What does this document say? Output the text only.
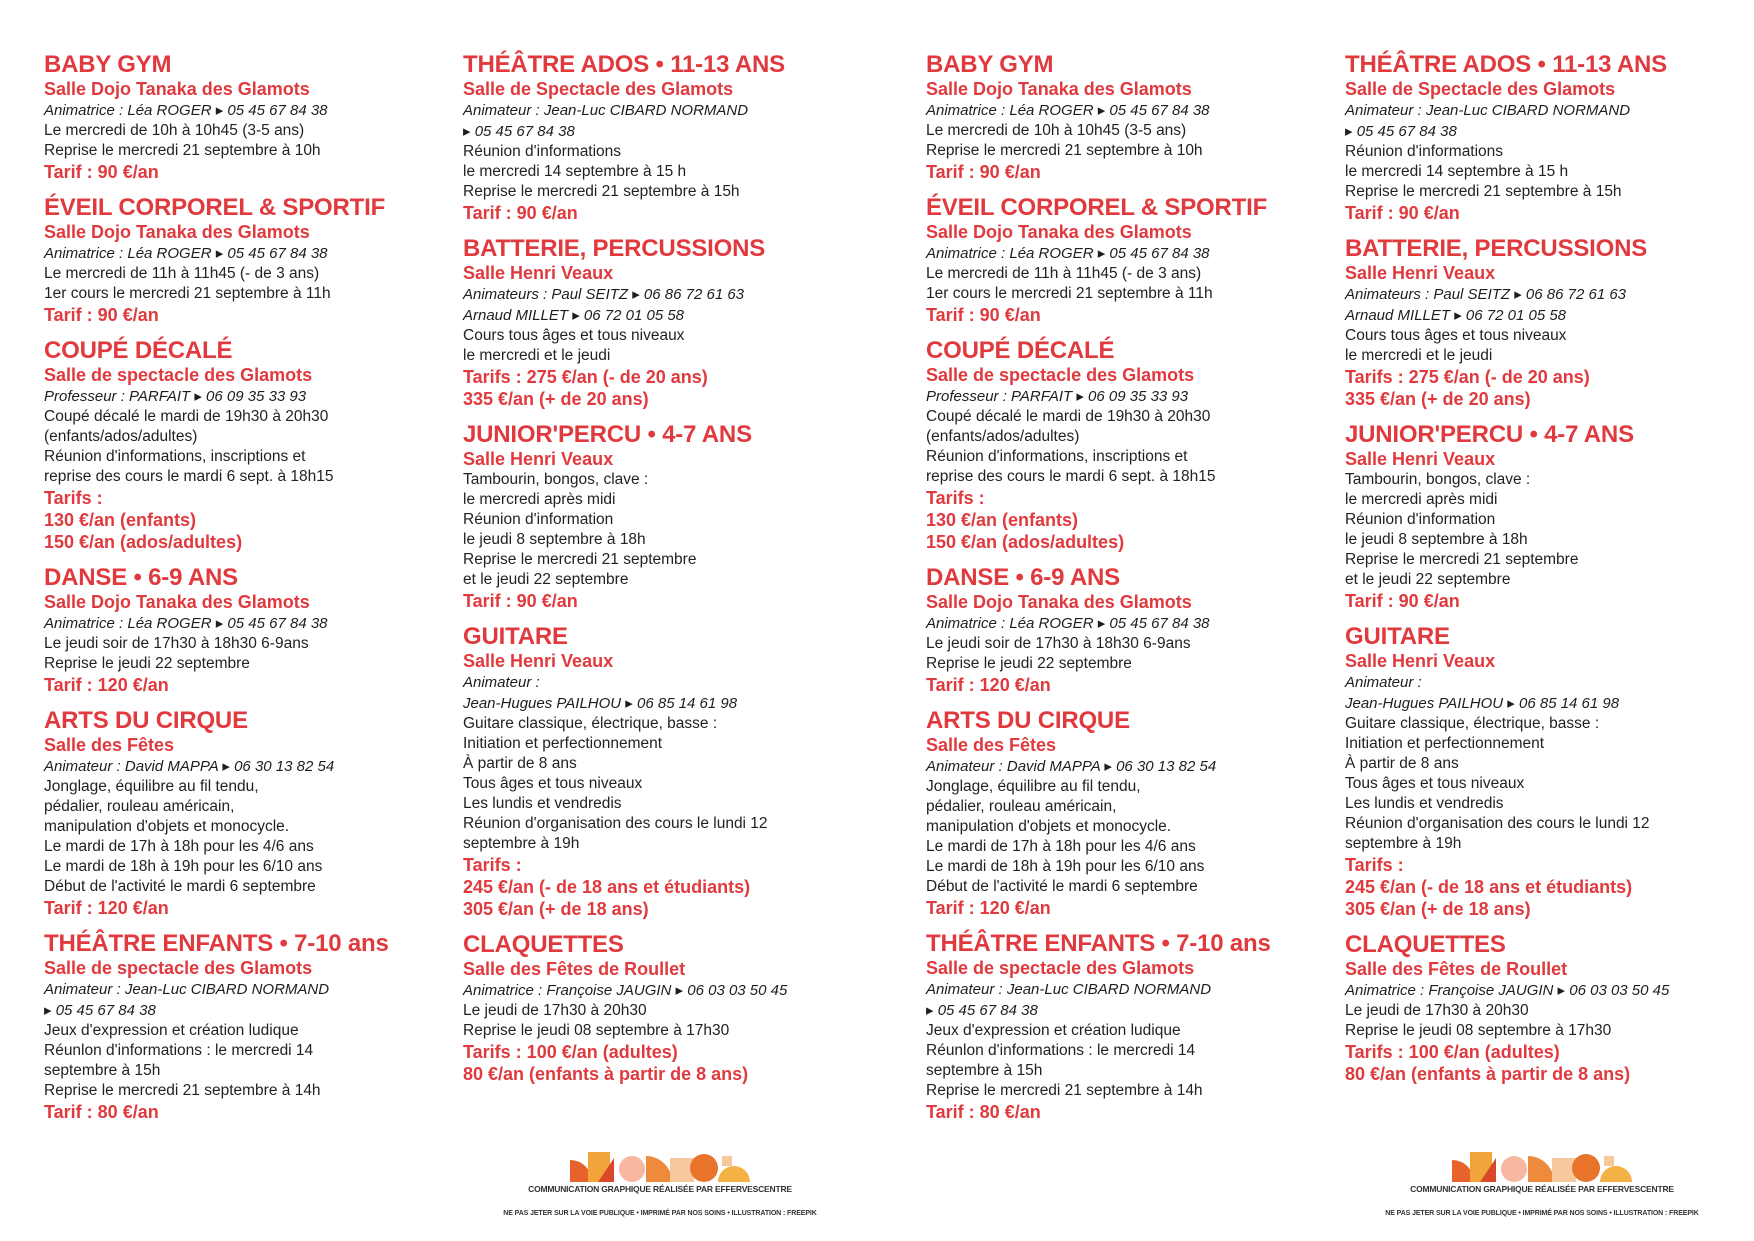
BABY GYM
Salle Dojo Tanaka des Glamots
Animatrice : Léa ROGER ▸ 05 45 67 84 38
Le mercredi de 10h à 10h45 (3-5 ans)
Reprise le mercredi 21 septembre à 10h
Tarif : 90 €/an
ÉVEIL CORPOREL & SPORTIF
Salle Dojo Tanaka des Glamots
Animatrice : Léa ROGER ▸ 05 45 67 84 38
Le mercredi de 11h à 11h45 (- de 3 ans)
1er cours le mercredi 21 septembre à 11h
Tarif : 90 €/an
COUPÉ DÉCALÉ
Salle de spectacle des Glamots
Professeur : PARFAIT ▸ 06 09 35 33 93
Coupé décalé le mardi de 19h30 à 20h30
(enfants/ados/adultes)
Réunion d'informations, inscriptions et
reprise des cours le mardi 6 sept. à 18h15
Tarifs :
130 €/an (enfants)
150 €/an (ados/adultes)
DANSE • 6-9 ANS
Salle Dojo Tanaka des Glamots
Animatrice : Léa ROGER ▸ 05 45 67 84 38
Le jeudi soir de 17h30 à 18h30 6-9ans
Reprise le jeudi 22 septembre
Tarif : 120 €/an
ARTS DU CIRQUE
Salle des Fêtes
Animateur : David MAPPA ▸ 06 30 13 82 54
Jonglage, équilibre au fil tendu,
pédalier, rouleau américain,
manipulation d'objets et monocycle.
Le mardi de 17h à 18h pour les 4/6 ans
Le mardi de 18h à 19h pour les 6/10 ans
Début de l'activité le mardi 6 septembre
Tarif : 120 €/an
THÉÂTRE ENFANTS • 7-10 ans
Salle de spectacle des Glamots
Animateur : Jean-Luc CIBARD NORMAND
▸ 05 45 67 84 38
Jeux d'expression et création ludique
Réunlon d'informations : le mercredi 14
septembre à 15h
Reprise le mercredi 21 septembre à 14h
Tarif : 80 €/an
THÉÂTRE ADOS • 11-13 ANS
Salle de Spectacle des Glamots
Animateur : Jean-Luc CIBARD NORMAND
▸ 05 45 67 84 38
Réunion d'informations
le mercredi 14 septembre à 15 h
Reprise le mercredi 21 septembre à 15h
Tarif : 90 €/an
BATTERIE, PERCUSSIONS
Salle Henri Veaux
Animateurs : Paul SEITZ ▸ 06 86 72 61 63
Arnaud MILLET ▸ 06 72 01 05 58
Cours tous âges et tous niveaux
le mercredi et le jeudi
Tarifs : 275 €/an (- de 20 ans)
335 €/an (+ de 20 ans)
JUNIOR'PERCU • 4-7 ANS
Salle Henri Veaux
Tambourin, bongos, clave :
le mercredi après midi
Réunion d'information
le jeudi 8 septembre à 18h
Reprise le mercredi 21 septembre
et le jeudi 22 septembre
Tarif : 90 €/an
GUITARE
Salle Henri Veaux
Animateur :
Jean-Hugues PAILHOU ▸ 06 85 14 61 98
Guitare classique, électrique, basse :
Initiation et perfectionnement
À partir de 8 ans
Tous âges et tous niveaux
Les lundis et vendredis
Réunion d'organisation des cours le lundi 12
septembre à 19h
Tarifs :
245 €/an (- de 18 ans et étudiants)
305 €/an (+ de 18 ans)
CLAQUETTES
Salle des Fêtes de Roullet
Animatrice : Françoise JAUGIN ▸ 06 03 03 50 45
Le jeudi de 17h30 à 20h30
Reprise le jeudi 08 septembre à 17h30
Tarifs : 100 €/an (adultes)
80 €/an (enfants à partir de 8 ans)
BABY GYM
Salle Dojo Tanaka des Glamots
Animatrice : Léa ROGER ▸ 05 45 67 84 38
Le mercredi de 10h à 10h45 (3-5 ans)
Reprise le mercredi 21 septembre à 10h
Tarif : 90 €/an
ÉVEIL CORPOREL & SPORTIF
Salle Dojo Tanaka des Glamots
Animatrice : Léa ROGER ▸ 05 45 67 84 38
Le mercredi de 11h à 11h45 (- de 3 ans)
1er cours le mercredi 21 septembre à 11h
Tarif : 90 €/an
COUPÉ DÉCALÉ
Salle de spectacle des Glamots
Professeur : PARFAIT ▸ 06 09 35 33 93
Coupé décalé le mardi de 19h30 à 20h30
(enfants/ados/adultes)
Réunion d'informations, inscriptions et
reprise des cours le mardi 6 sept. à 18h15
Tarifs :
130 €/an (enfants)
150 €/an (ados/adultes)
DANSE • 6-9 ANS
Salle Dojo Tanaka des Glamots
Animatrice : Léa ROGER ▸ 05 45 67 84 38
Le jeudi soir de 17h30 à 18h30 6-9ans
Reprise le jeudi 22 septembre
Tarif : 120 €/an
ARTS DU CIRQUE
Salle des Fêtes
Animateur : David MAPPA ▸ 06 30 13 82 54
Jonglage, équilibre au fil tendu,
pédalier, rouleau américain,
manipulation d'objets et monocycle.
Le mardi de 17h à 18h pour les 4/6 ans
Le mardi de 18h à 19h pour les 6/10 ans
Début de l'activité le mardi 6 septembre
Tarif : 120 €/an
THÉÂTRE ENFANTS • 7-10 ans
Salle de spectacle des Glamots
Animateur : Jean-Luc CIBARD NORMAND
▸ 05 45 67 84 38
Jeux d'expression et création ludique
Réunlon d'informations : le mercredi 14
septembre à 15h
Reprise le mercredi 21 septembre à 14h
Tarif : 80 €/an
THÉÂTRE ADOS • 11-13 ANS
Salle de Spectacle des Glamots
Animateur : Jean-Luc CIBARD NORMAND
▸ 05 45 67 84 38
Réunion d'informations
le mercredi 14 septembre à 15 h
Reprise le mercredi 21 septembre à 15h
Tarif : 90 €/an
BATTERIE, PERCUSSIONS
Salle Henri Veaux
Animateurs : Paul SEITZ ▸ 06 86 72 61 63
Arnaud MILLET ▸ 06 72 01 05 58
Cours tous âges et tous niveaux
le mercredi et le jeudi
Tarifs : 275 €/an (- de 20 ans)
335 €/an (+ de 20 ans)
JUNIOR'PERCU • 4-7 ANS
Salle Henri Veaux
Tambourin, bongos, clave :
le mercredi après midi
Réunion d'information
le jeudi 8 septembre à 18h
Reprise le mercredi 21 septembre
et le jeudi 22 septembre
Tarif : 90 €/an
GUITARE
Salle Henri Veaux
Animateur :
Jean-Hugues PAILHOU ▸ 06 85 14 61 98
Guitare classique, électrique, basse :
Initiation et perfectionnement
À partir de 8 ans
Tous âges et tous niveaux
Les lundis et vendredis
Réunion d'organisation des cours le lundi 12
septembre à 19h
Tarifs :
245 €/an (- de 18 ans et étudiants)
305 €/an (+ de 18 ans)
CLAQUETTES
Salle des Fêtes de Roullet
Animatrice : Françoise JAUGIN ▸ 06 03 03 50 45
Le jeudi de 17h30 à 20h30
Reprise le jeudi 08 septembre à 17h30
Tarifs : 100 €/an (adultes)
80 €/an (enfants à partir de 8 ans)
COMMUNICATION GRAPHIQUE RÉALISÉE PAR EFFERVESCENTRE
NE PAS JETER SUR LA VOIE PUBLIQUE • IMPRIMÉ PAR NOS SOINS • ILLUSTRATION : FREEPIK
COMMUNICATION GRAPHIQUE RÉALISÉE PAR EFFERVESCENTRE
NE PAS JETER SUR LA VOIE PUBLIQUE • IMPRIMÉ PAR NOS SOINS • ILLUSTRATION : FREEPIK
